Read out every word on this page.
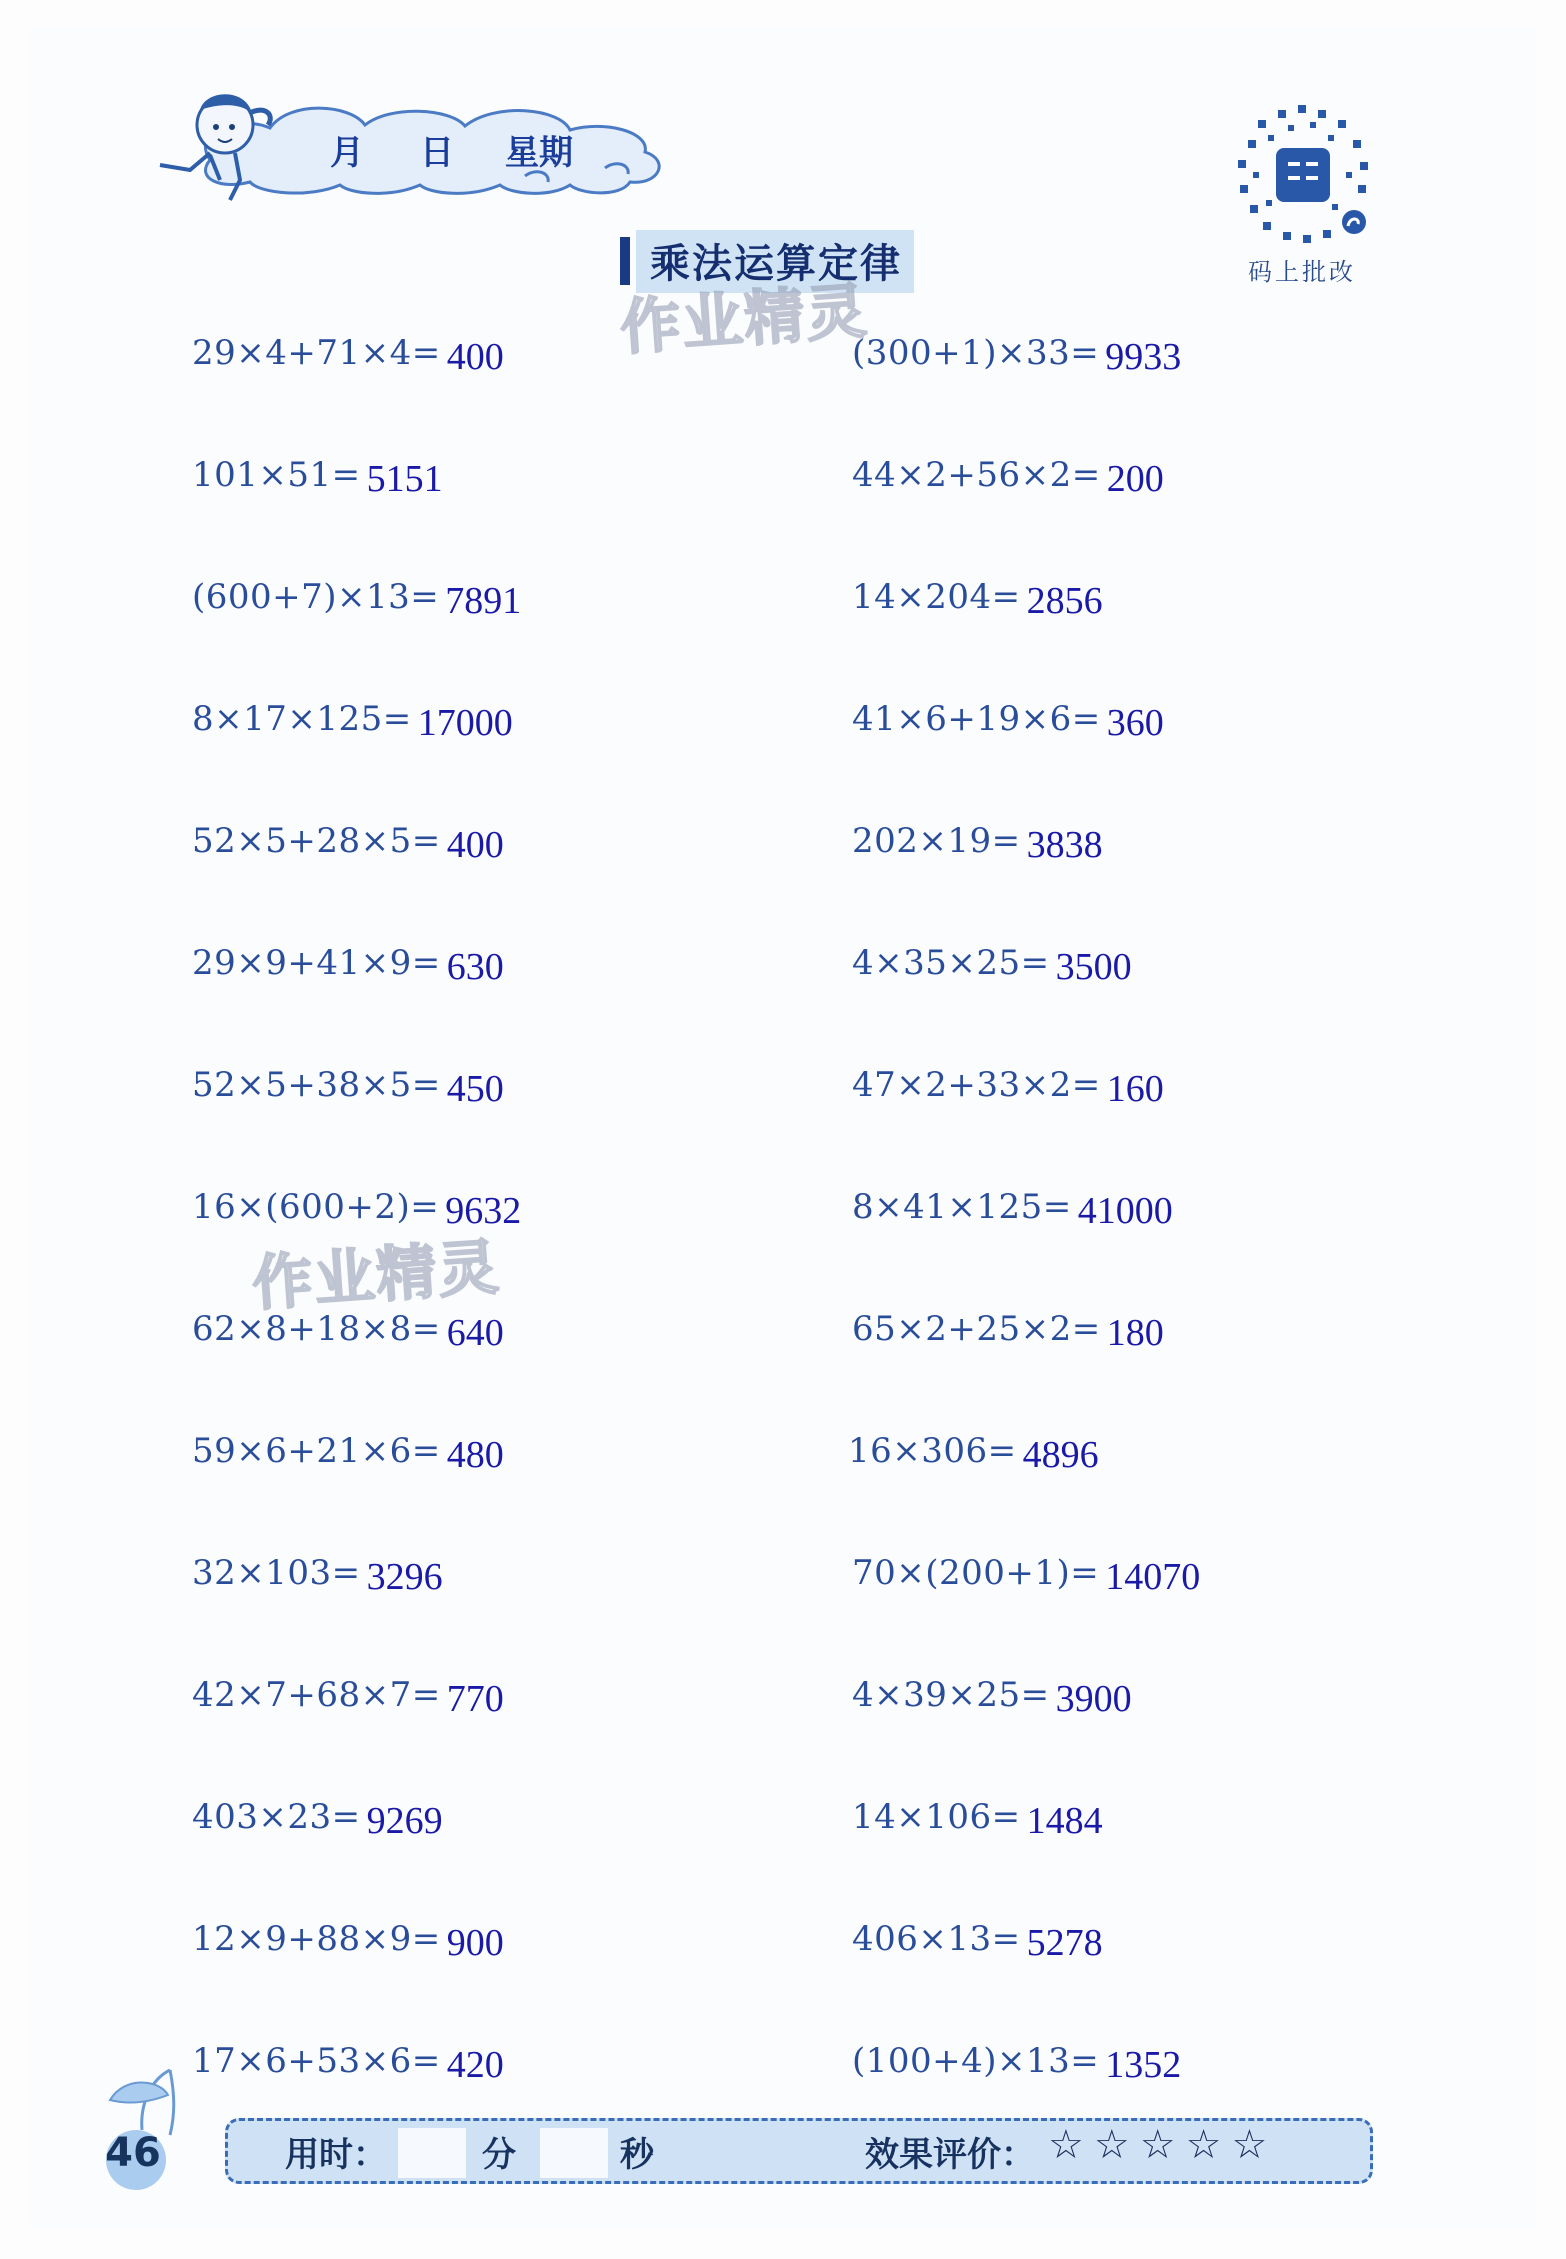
月	日	星期
乘法运算定律	码上批改
作业精灵
作业精灵
29×4+71×4= 400
101×51= 5151
(600+7)×13= 7891
8×17×125= 17000
52×5+28×5= 400
29×9+41×9= 630
52×5+38×5= 450
16×(600+2)= 9632
62×8+18×8= 640
59×6+21×6= 480
32×103= 3296
42×7+68×7= 770
403×23= 9269
12×9+88×9= 900
17×6+53×6= 420
(300+1)×33= 9933
44×2+56×2= 200
14×204= 2856
41×6+19×6= 360
202×19= 3838
4×35×25= 3500
47×2+33×2= 160
8×41×125= 41000
65×2+25×2= 180
16×306= 4896
70×(200+1)= 14070
4×39×25= 3900
14×106= 1484
406×13= 5278
(100+4)×13= 1352
46	用时：	分	秒	效果评价： ☆☆☆☆☆
